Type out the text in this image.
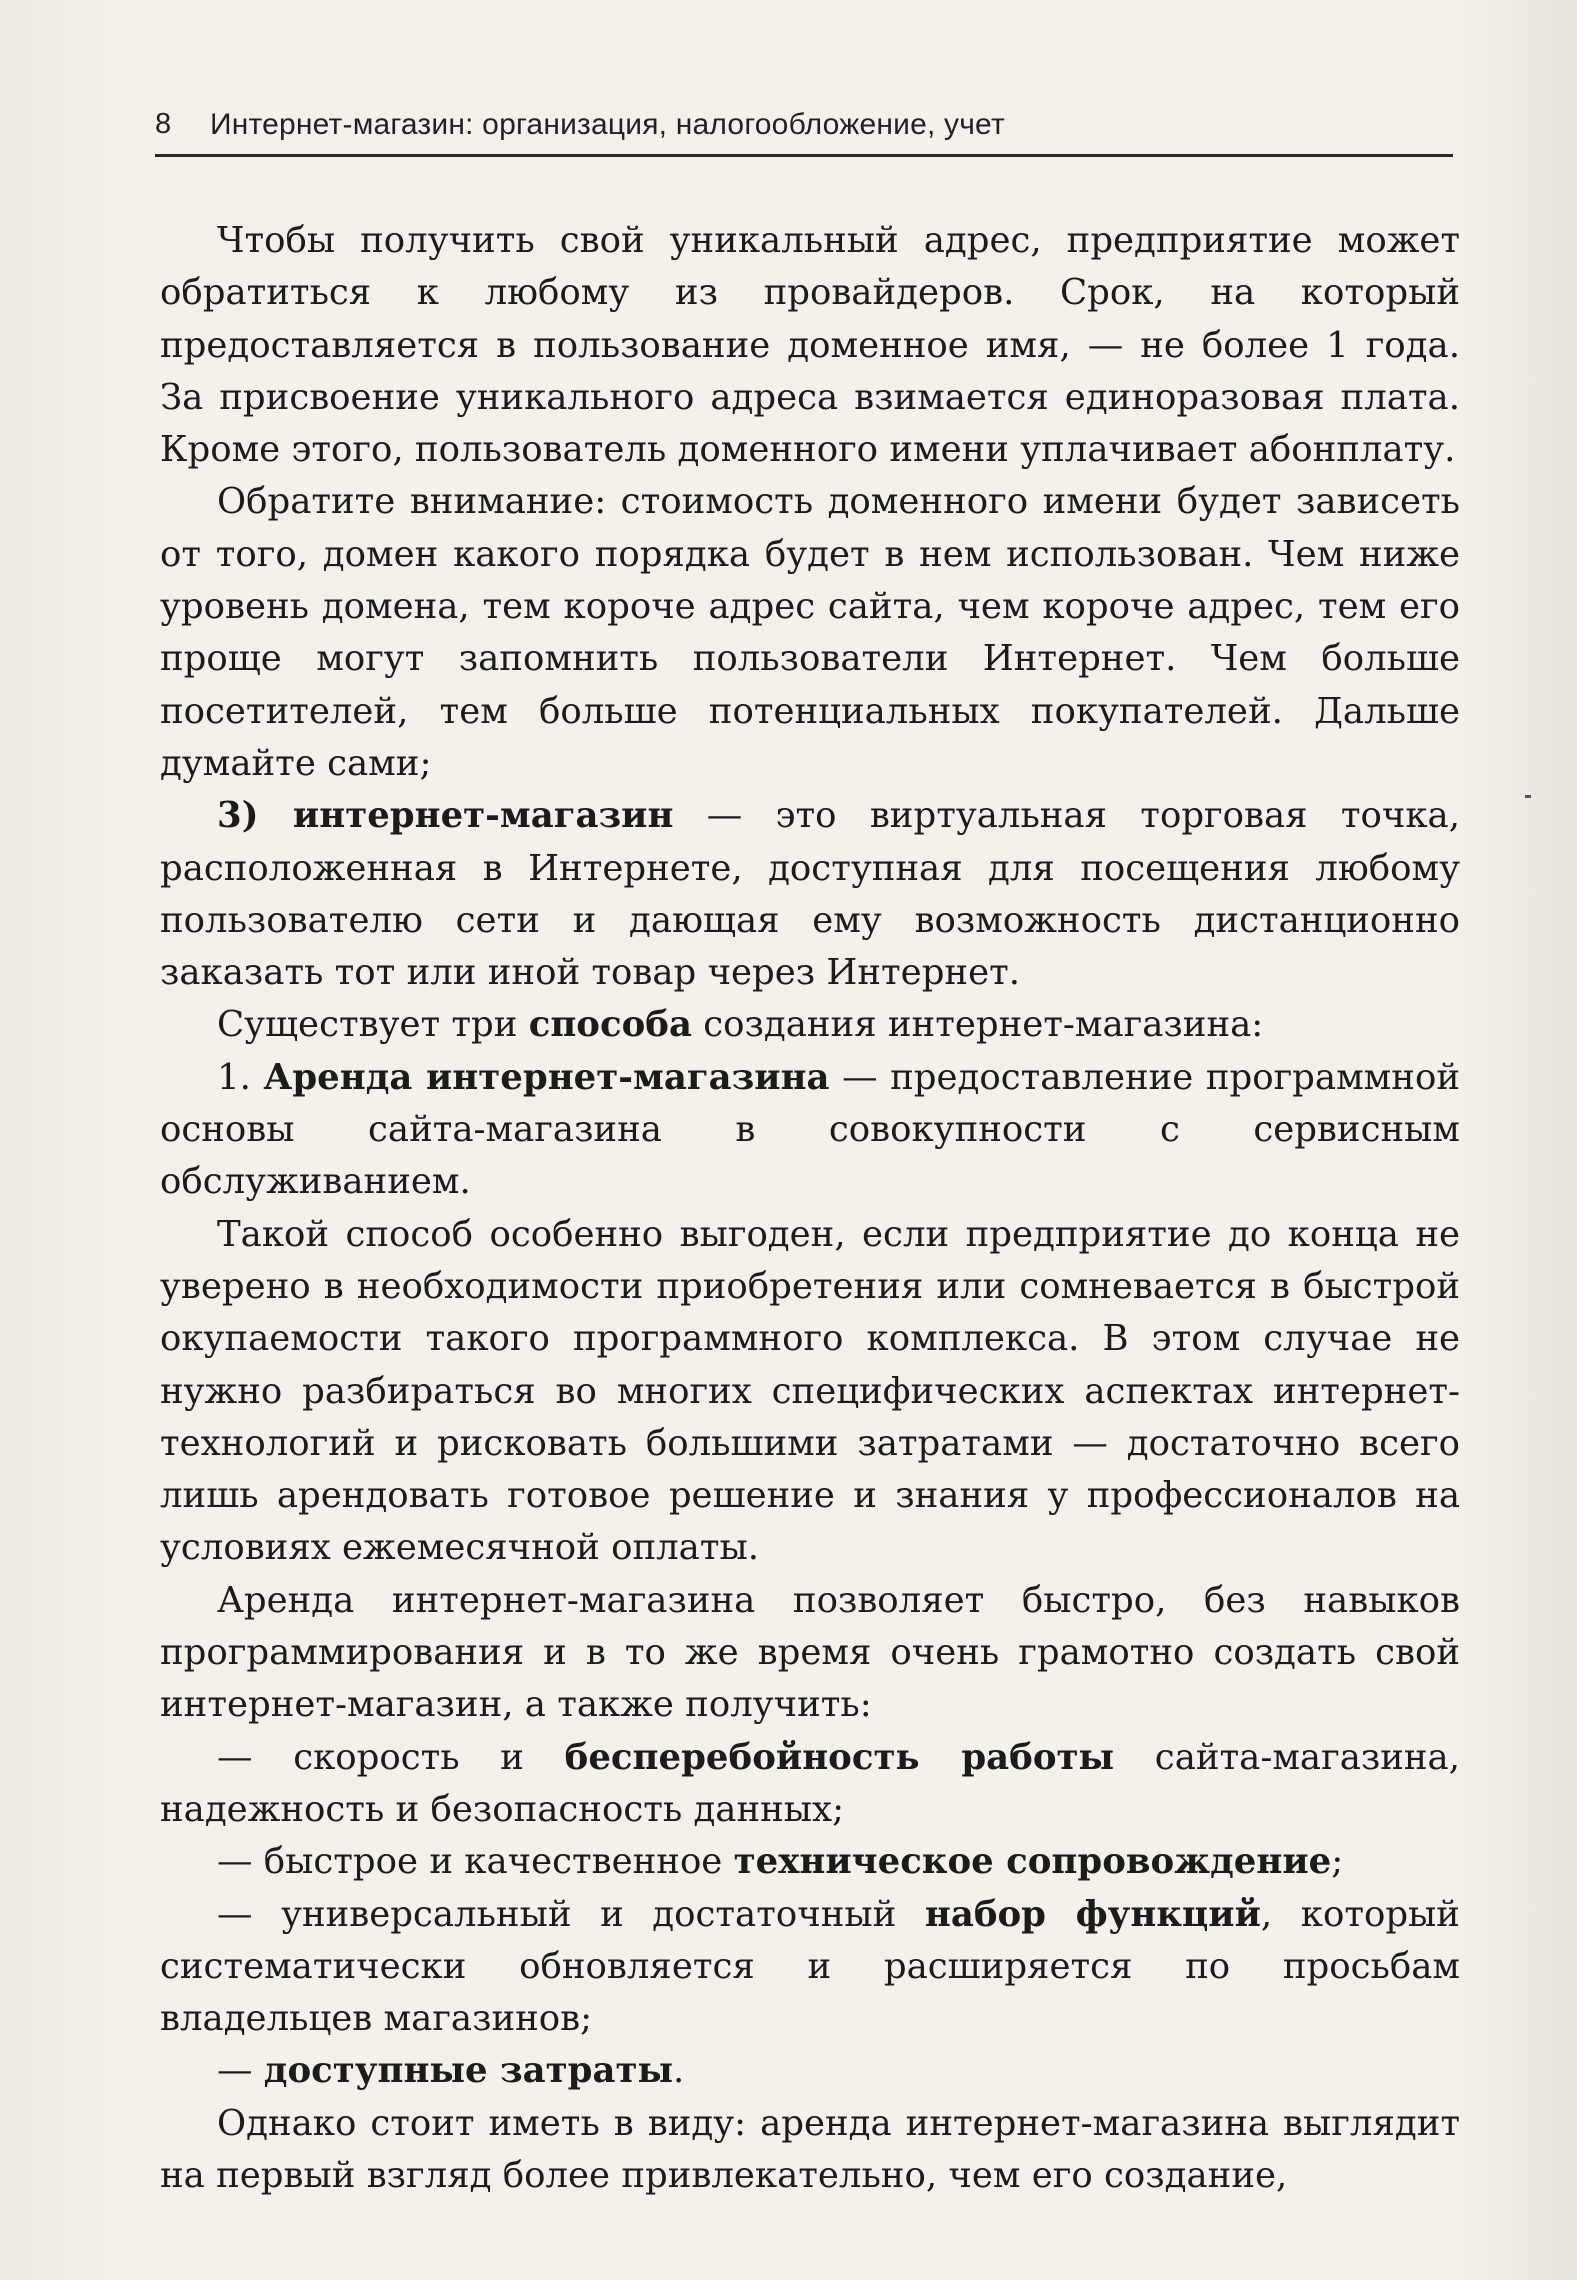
8 Интернет-магазин: организация, налогообложение, учет

Чтобы получить свой уникальный адрес, предприятие может обратиться к любому из провайдеров. Срок, на который предоставляется в пользование доменное имя, — не более 1 года. За присвоение уникального адреса взимается единоразовая плата. Кроме этого, пользователь доменного имени уплачивает абонплату.

Обратите внимание: стоимость доменного имени будет зависеть от того, домен какого порядка будет в нем использован. Чем ниже уровень домена, тем короче адрес сайта, чем короче адрес, тем его проще могут запомнить пользователи Интернет. Чем больше посетителей, тем больше потенциальных покупателей. Дальше думайте сами;

3) интернет-магазин — это виртуальная торговая точка, расположенная в Интернете, доступная для посещения любому пользователю сети и дающая ему возможность дистанционно заказать тот или иной товар через Интернет.

Существует три способа создания интернет-магазина:

1. Аренда интернет-магазина — предоставление программной основы сайта-магазина в совокупности с сервисным обслуживанием.

Такой способ особенно выгоден, если предприятие до конца не уверено в необходимости приобретения или сомневается в быстрой окупаемости такого программного комплекса. В этом случае не нужно разбираться во многих специфических аспектах интернет-технологий и рисковать большими затратами — достаточно всего лишь арендовать готовое решение и знания у профессионалов на условиях ежемесячной оплаты.

Аренда интернет-магазина позволяет быстро, без навыков программирования и в то же время очень грамотно создать свой интернет-магазин, а также получить:

— скорость и бесперебойность работы сайта-магазина, надежность и безопасность данных;

— быстрое и качественное техническое сопровождение;

— универсальный и достаточный набор функций, который систематически обновляется и расширяется по просьбам владельцев магазинов;

— доступные затраты.

Однако стоит иметь в виду: аренда интернет-магазина выглядит на первый взгляд более привлекательно, чем его создание,
